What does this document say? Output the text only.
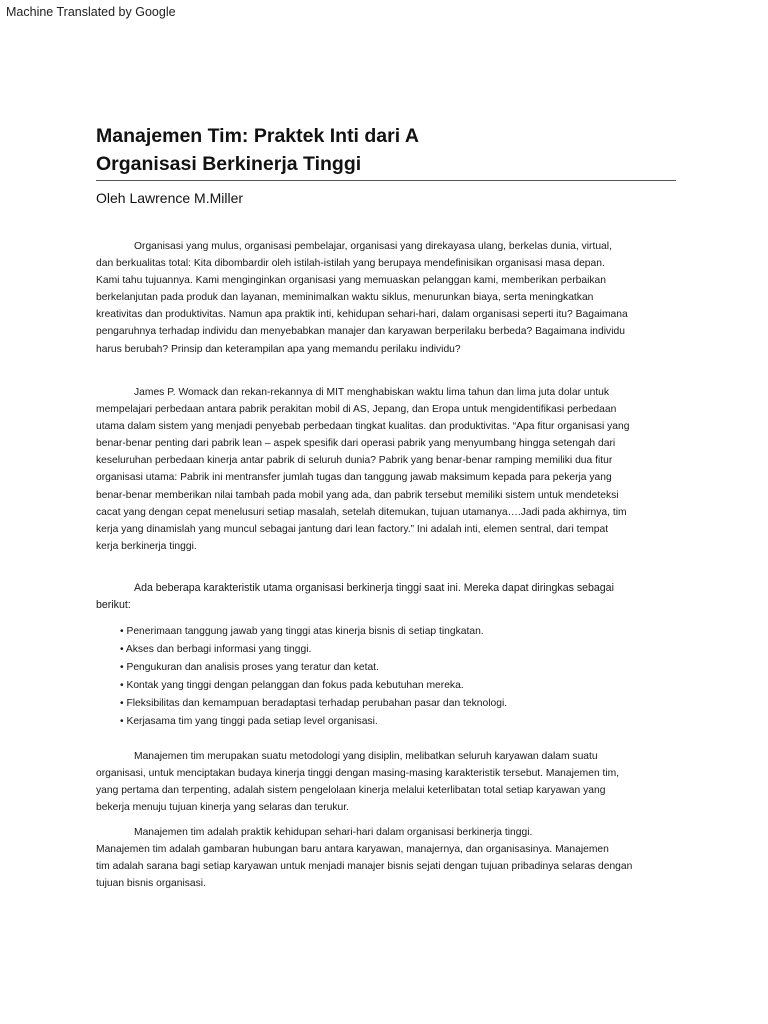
Machine Translated by Google
Manajemen Tim: Praktek Inti dari A
Organisasi Berkinerja Tinggi
Oleh Lawrence M.Miller
Organisasi yang mulus, organisasi pembelajar, organisasi yang direkayasa ulang, berkelas dunia, virtual,
dan berkualitas total: Kita dibombardir oleh istilah-istilah yang berupaya mendefinisikan organisasi masa depan.
Kami tahu tujuannya. Kami menginginkan organisasi yang memuaskan pelanggan kami, memberikan perbaikan
berkelanjutan pada produk dan layanan, meminimalkan waktu siklus, menurunkan biaya, serta meningkatkan
kreativitas dan produktivitas. Namun apa praktik inti, kehidupan sehari-hari, dalam organisasi seperti itu? Bagaimana
pengaruhnya terhadap individu dan menyebabkan manajer dan karyawan berperilaku berbeda? Bagaimana individu
harus berubah? Prinsip dan keterampilan apa yang memandu perilaku individu?
James P. Womack dan rekan-rekannya di MIT menghabiskan waktu lima tahun dan lima juta dolar untuk
mempelajari perbedaan antara pabrik perakitan mobil di AS, Jepang, dan Eropa untuk mengidentifikasi perbedaan
utama dalam sistem yang menjadi penyebab perbedaan tingkat kualitas. dan produktivitas. “Apa fitur organisasi yang
benar-benar penting dari pabrik lean – aspek spesifik dari operasi pabrik yang menyumbang hingga setengah dari
keseluruhan perbedaan kinerja antar pabrik di seluruh dunia? Pabrik yang benar-benar ramping memiliki dua fitur
organisasi utama: Pabrik ini mentransfer jumlah tugas dan tanggung jawab maksimum kepada para pekerja yang
benar-benar memberikan nilai tambah pada mobil yang ada, dan pabrik tersebut memiliki sistem untuk mendeteksi
cacat yang dengan cepat menelusuri setiap masalah, setelah ditemukan, tujuan utamanya….Jadi pada akhirnya, tim
kerja yang dinamislah yang muncul sebagai jantung dari lean factory.” Ini adalah inti, elemen sentral, dari tempat
kerja berkinerja tinggi.
Ada beberapa karakteristik utama organisasi berkinerja tinggi saat ini. Mereka dapat diringkas sebagai
berikut:
• Penerimaan tanggung jawab yang tinggi atas kinerja bisnis di setiap tingkatan.
• Akses dan berbagi informasi yang tinggi.
• Pengukuran dan analisis proses yang teratur dan ketat.
• Kontak yang tinggi dengan pelanggan dan fokus pada kebutuhan mereka.
• Fleksibilitas dan kemampuan beradaptasi terhadap perubahan pasar dan teknologi.
• Kerjasama tim yang tinggi pada setiap level organisasi.
Manajemen tim merupakan suatu metodologi yang disiplin, melibatkan seluruh karyawan dalam suatu
organisasi, untuk menciptakan budaya kinerja tinggi dengan masing-masing karakteristik tersebut. Manajemen tim,
yang pertama dan terpenting, adalah sistem pengelolaan kinerja melalui keterlibatan total setiap karyawan yang
bekerja menuju tujuan kinerja yang selaras dan terukur.
Manajemen tim adalah praktik kehidupan sehari-hari dalam organisasi berkinerja tinggi.
Manajemen tim adalah gambaran hubungan baru antara karyawan, manajernya, dan organisasinya. Manajemen
tim adalah sarana bagi setiap karyawan untuk menjadi manajer bisnis sejati dengan tujuan pribadinya selaras dengan
tujuan bisnis organisasi.
